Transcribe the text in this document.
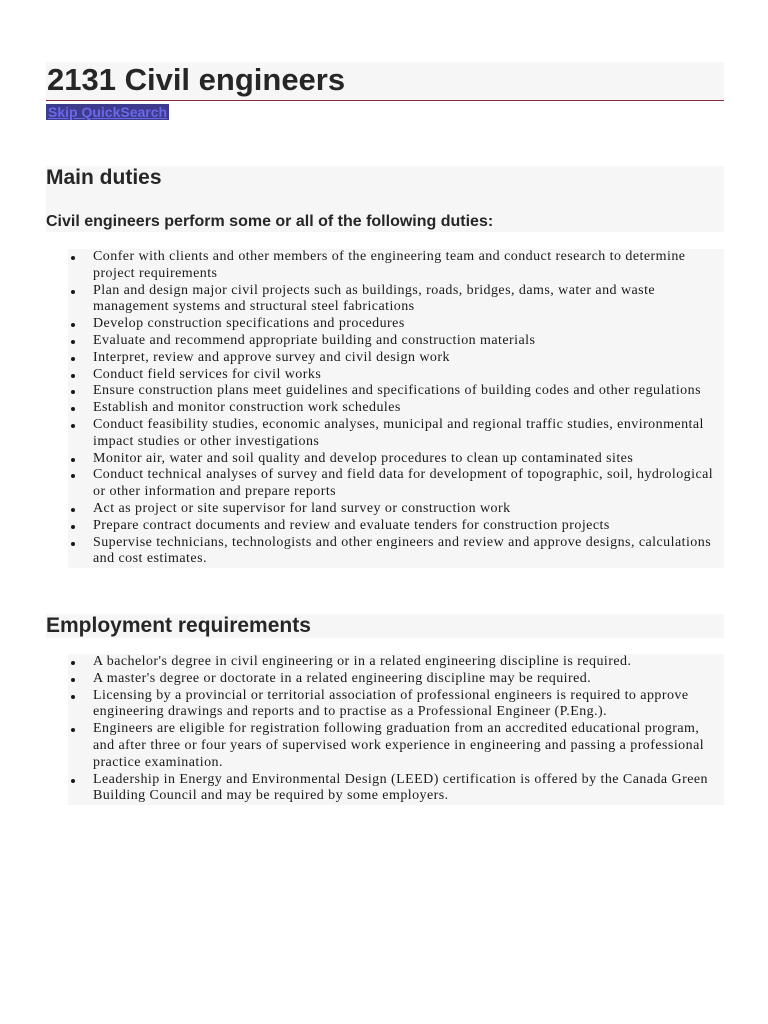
2131 Civil engineers
Skip QuickSearch
Main duties
Civil engineers perform some or all of the following duties:
Confer with clients and other members of the engineering team and conduct research to determine project requirements
Plan and design major civil projects such as buildings, roads, bridges, dams, water and waste management systems and structural steel fabrications
Develop construction specifications and procedures
Evaluate and recommend appropriate building and construction materials
Interpret, review and approve survey and civil design work
Conduct field services for civil works
Ensure construction plans meet guidelines and specifications of building codes and other regulations
Establish and monitor construction work schedules
Conduct feasibility studies, economic analyses, municipal and regional traffic studies, environmental impact studies or other investigations
Monitor air, water and soil quality and develop procedures to clean up contaminated sites
Conduct technical analyses of survey and field data for development of topographic, soil, hydrological or other information and prepare reports
Act as project or site supervisor for land survey or construction work
Prepare contract documents and review and evaluate tenders for construction projects
Supervise technicians, technologists and other engineers and review and approve designs, calculations and cost estimates.
Employment requirements
A bachelor's degree in civil engineering or in a related engineering discipline is required.
A master's degree or doctorate in a related engineering discipline may be required.
Licensing by a provincial or territorial association of professional engineers is required to approve engineering drawings and reports and to practise as a Professional Engineer (P.Eng.).
Engineers are eligible for registration following graduation from an accredited educational program, and after three or four years of supervised work experience in engineering and passing a professional practice examination.
Leadership in Energy and Environmental Design (LEED) certification is offered by the Canada Green Building Council and may be required by some employers.
